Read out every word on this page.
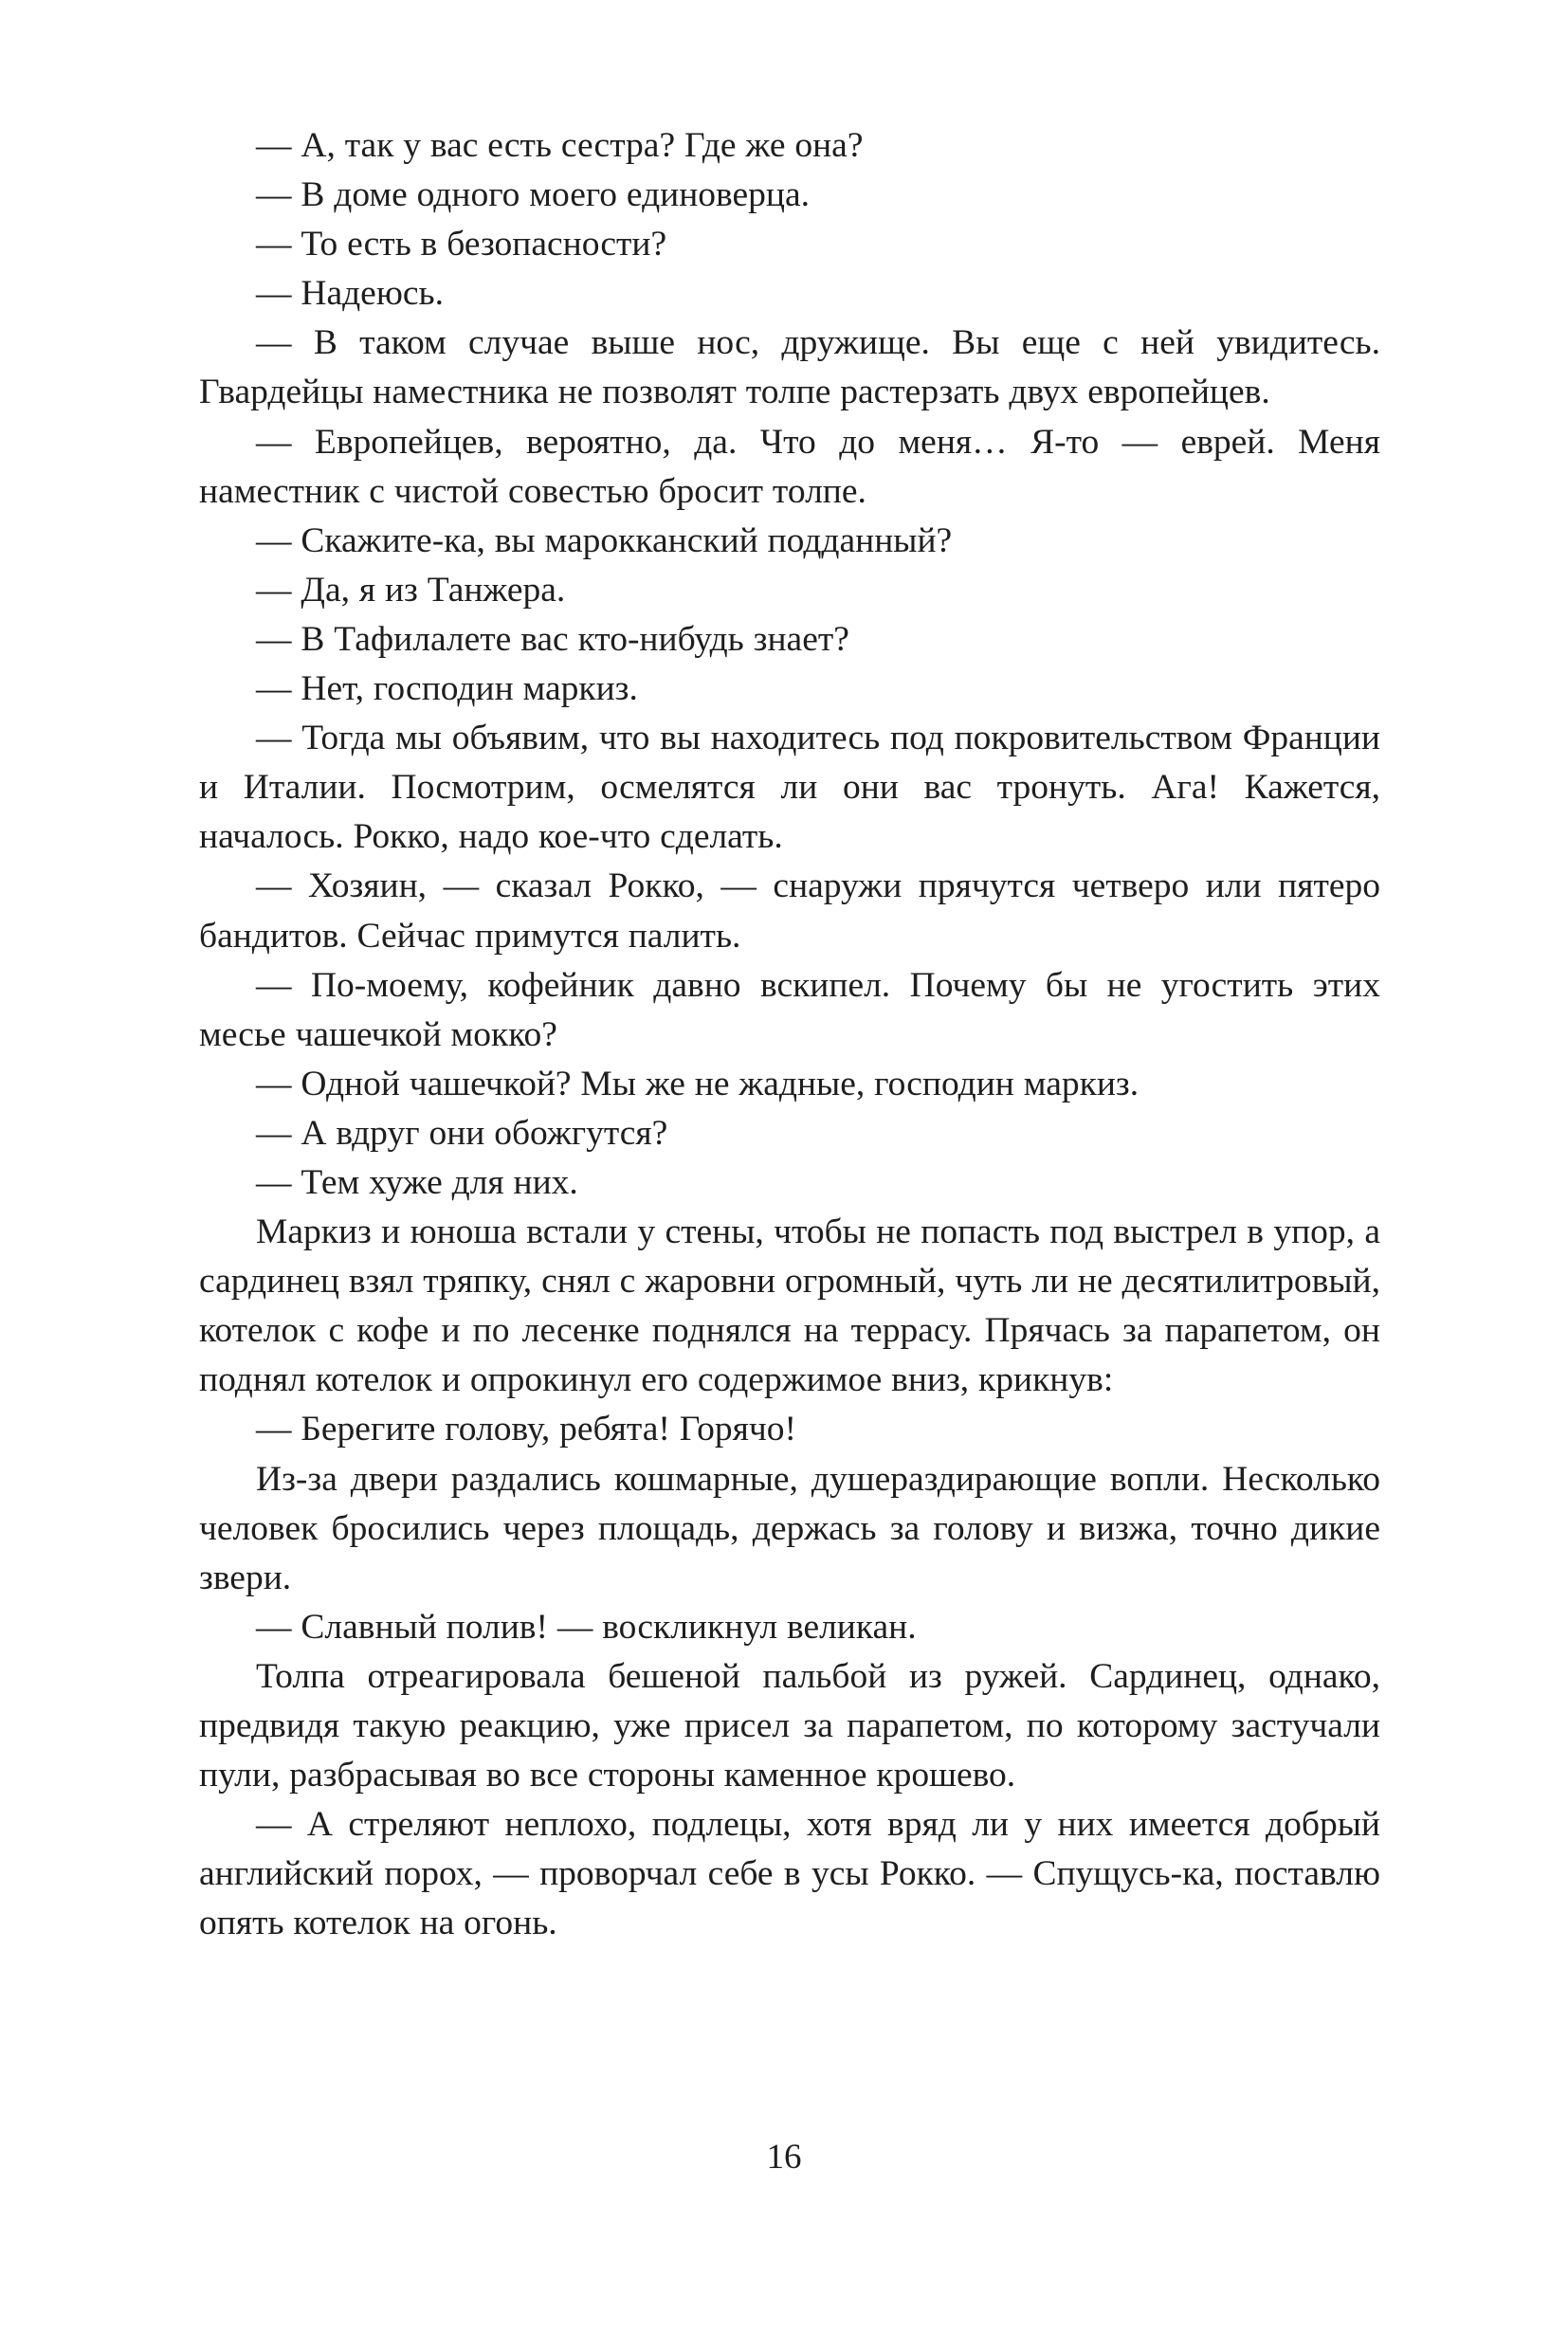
— А, так у вас есть сестра? Где же она?

— В доме одного моего единоверца.

— То есть в безопасности?

— Надеюсь.

— В таком случае выше нос, дружище. Вы еще с ней увидитесь. Гвардейцы наместника не позволят толпе растерзать двух европейцев.

— Европейцев, вероятно, да. Что до меня… Я-то — еврей. Меня наместник с чистой совестью бросит толпе.

— Скажите-ка, вы марокканский подданный?

— Да, я из Танжера.

— В Тафилалете вас кто-нибудь знает?

— Нет, господин маркиз.

— Тогда мы объявим, что вы находитесь под покровительством Франции и Италии. Посмотрим, осмелятся ли они вас тронуть. Ага! Кажется, началось. Рокко, надо кое-что сделать.

— Хозяин, — сказал Рокко, — снаружи прячутся четверо или пятеро бандитов. Сейчас примутся палить.

— По-моему, кофейник давно вскипел. Почему бы не угостить этих месье чашечкой мокко?

— Одной чашечкой? Мы же не жадные, господин маркиз.

— А вдруг они обожгутся?

— Тем хуже для них.

Маркиз и юноша встали у стены, чтобы не попасть под выстрел в упор, а сардинец взял тряпку, снял с жаровни огромный, чуть ли не десятилитровый, котелок с кофе и по лесенке поднялся на террасу. Прячась за парапетом, он поднял котелок и опрокинул его содержимое вниз, крикнув:

— Берегите голову, ребята! Горячо!

Из-за двери раздались кошмарные, душераздирающие вопли. Несколько человек бросились через площадь, держась за голову и визжа, точно дикие звери.

— Славный полив! — воскликнул великан.

Толпа отреагировала бешеной пальбой из ружей. Сардинец, однако, предвидя такую реакцию, уже присел за парапетом, по которому застучали пули, разбрасывая во все стороны каменное крошево.

— А стреляют неплохо, подлецы, хотя вряд ли у них имеется добрый английский порох, — проворчал себе в усы Рокко. — Спущусь-ка, поставлю опять котелок на огонь.

16
